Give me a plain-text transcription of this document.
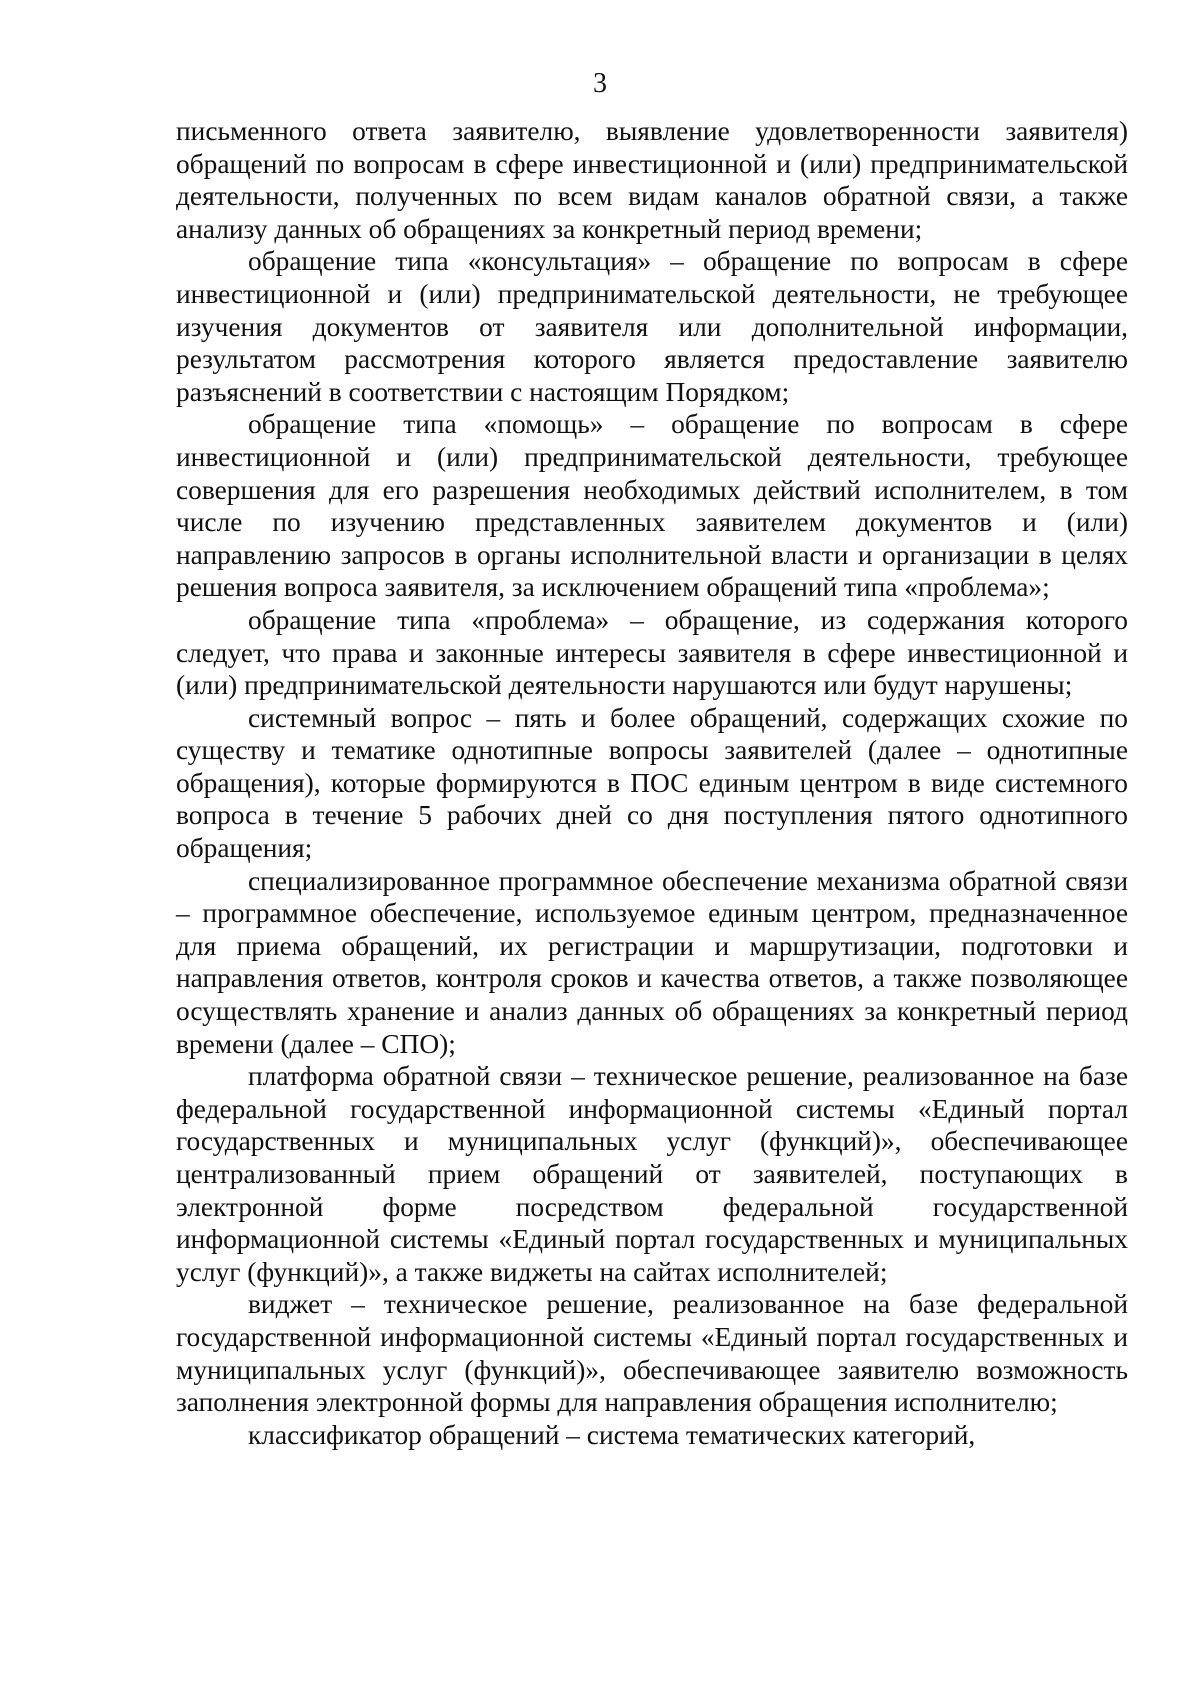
3

письменного ответа заявителю, выявление удовлетворенности заявителя) обращений по вопросам в сфере инвестиционной и (или) предпринимательской деятельности, полученных по всем видам каналов обратной связи, а также анализу данных об обращениях за конкретный период времени;

обращение типа «консультация» – обращение по вопросам в сфере инвестиционной и (или) предпринимательской деятельности, не требующее изучения документов от заявителя или дополнительной информации, результатом рассмотрения которого является предоставление заявителю разъяснений в соответствии с настоящим Порядком;

обращение типа «помощь» – обращение по вопросам в сфере инвестиционной и (или) предпринимательской деятельности, требующее совершения для его разрешения необходимых действий исполнителем, в том числе по изучению представленных заявителем документов и (или) направлению запросов в органы исполнительной власти и организации в целях решения вопроса заявителя, за исключением обращений типа «проблема»;

обращение типа «проблема» – обращение, из содержания которого следует, что права и законные интересы заявителя в сфере инвестиционной и (или) предпринимательской деятельности нарушаются или будут нарушены;

системный вопрос – пять и более обращений, содержащих схожие по существу и тематике однотипные вопросы заявителей (далее – однотипные обращения), которые формируются в ПОС единым центром в виде системного вопроса в течение 5 рабочих дней со дня поступления пятого однотипного обращения;

специализированное программное обеспечение механизма обратной связи – программное обеспечение, используемое единым центром, предназначенное для приема обращений, их регистрации и маршрутизации, подготовки и направления ответов, контроля сроков и качества ответов, а также позволяющее осуществлять хранение и анализ данных об обращениях за конкретный период времени (далее – СПО);

платформа обратной связи – техническое решение, реализованное на базе федеральной государственной информационной системы «Единый портал государственных и муниципальных услуг (функций)», обеспечивающее централизованный прием обращений от заявителей, поступающих в электронной форме посредством федеральной государственной информационной системы «Единый портал государственных и муниципальных услуг (функций)», а также виджеты на сайтах исполнителей;

виджет – техническое решение, реализованное на базе федеральной государственной информационной системы «Единый портал государственных и муниципальных услуг (функций)», обеспечивающее заявителю возможность заполнения электронной формы для направления обращения исполнителю;

классификатор обращений – система тематических категорий,
